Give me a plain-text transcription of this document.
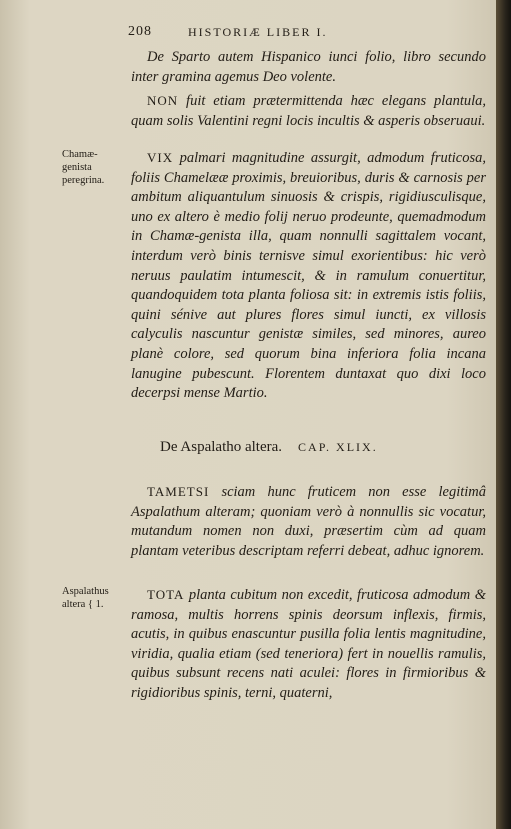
208	HISTORIÆ LIBER I.

De Sparto autem Hispanico iunci folio, libro secundo inter gramina agemus Deo volente.

NON fuit etiam prætermittenda hæc elegans plantula, quam solis Valentini regni locis incultis & asperis obseruaui.

Chamæ-genista peregrina.

VIX palmari magnitudine assurgit, admodum fruticosa, foliis Chamelææ proximis, breuioribus, duris & carnosis per ambitum aliquantulum sinuosis & crispis, rigidiusculisque, uno ex altero è medio folij neruo prodeunte, quemadmodum in Chamæ-genista illa, quam nonnulli sagittalem vocant, interdum verò binis ternisve simul exorientibus: hic verò neruus paulatim intumescit, & in ramulum conuertitur, quandoquidem tota planta foliosa sit: in extremis istis foliis, quini sénive aut plures flores simul iuncti, ex villosis calyculis nascuntur genistæ similes, sed minores, aureo planè colore, sed quorum bina inferiora folia incana lanugine pubescunt. Florentem duntaxat quo dixi loco decerpsi mense Martio.

De Aspalatho altera. CAP. XLIX.

TAMETSI sciam hunc fruticem non esse legitimâ Aspalathum alteram; quoniam verò à nonnullis sic vocatur, mutandum nomen non duxi, præsertim cùm ad quam plantam veteribus descriptam referri debeat, adhuc ignorem.

Aspalathus altera { 1.

TOTA planta cubitum non excedit, fruticosa admodum & ramosa, multis horrens spinis deorsum inflexis, firmis, acutis, in quibus enascuntur pusilla folia lentis magnitudine, viridia, qualia etiam (sed teneriora) fert in nouellis ramulis, quibus subsunt recens nati aculei: flores in firmioribus & rigidioribus spinis, terni, quaterni,
